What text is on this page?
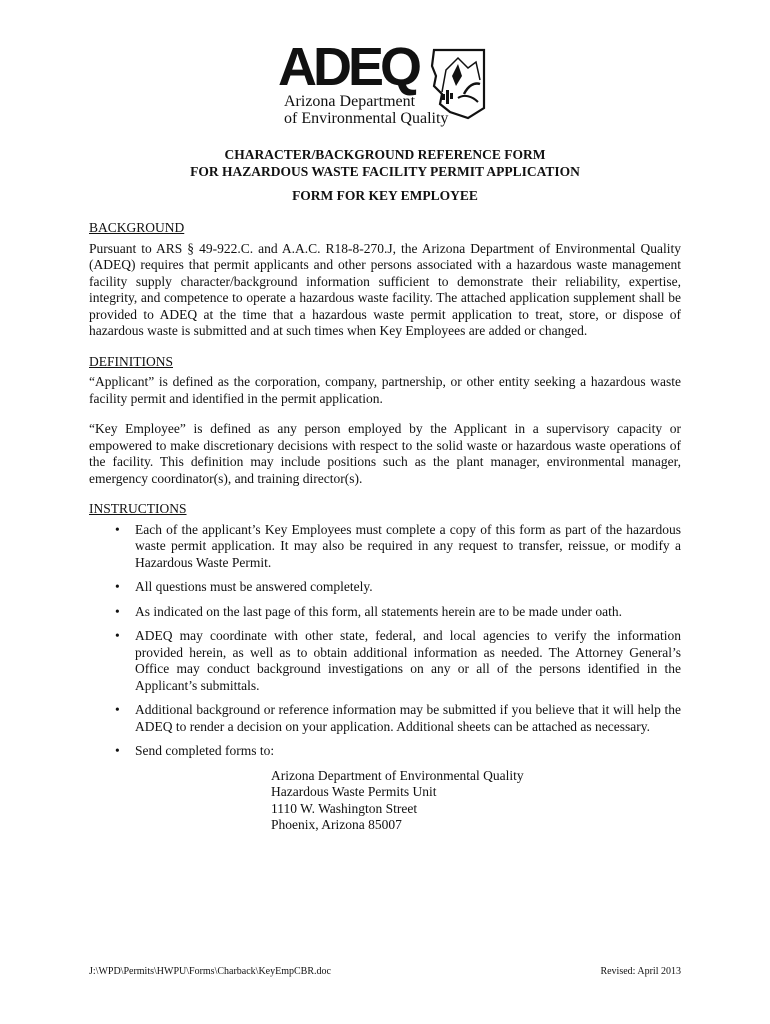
ADEQ
Arizona Department
of Environmental Quality
CHARACTER/BACKGROUND REFERENCE FORM
FOR HAZARDOUS WASTE FACILITY PERMIT APPLICATION
FORM FOR KEY EMPLOYEE
BACKGROUND

Pursuant to ARS § 49-922.C. and A.A.C. R18-8-270.J, the Arizona Department of Environmental Quality (ADEQ) requires that permit applicants and other persons associated with a hazardous waste management facility supply character/background information sufficient to demonstrate their reliability, expertise, integrity, and competence to operate a hazardous waste facility. The attached application supplement shall be provided to ADEQ at the time that a hazardous waste permit application to treat, store, or dispose of hazardous waste is submitted and at such times when Key Employees are added or changed.

DEFINITIONS

“Applicant” is defined as the corporation, company, partnership, or other entity seeking a hazardous waste facility permit and identified in the permit application.

“Key Employee” is defined as any person employed by the Applicant in a supervisory capacity or empowered to make discretionary decisions with respect to the solid waste or hazardous waste operations of the facility. This definition may include positions such as the plant manager, environmental manager, emergency coordinator(s), and training director(s).

INSTRUCTIONS
• Each of the applicant’s Key Employees must complete a copy of this form as part of the hazardous waste permit application. It may also be required in any request to transfer, reissue, or modify a Hazardous Waste Permit.
• All questions must be answered completely.
• As indicated on the last page of this form, all statements herein are to be made under oath.
• ADEQ may coordinate with other state, federal, and local agencies to verify the information provided herein, as well as to obtain additional information as needed. The Attorney General’s Office may conduct background investigations on any or all of the persons identified in the Applicant’s submittals.
• Additional background or reference information may be submitted if you believe that it will help the ADEQ to render a decision on your application. Additional sheets can be attached as necessary.
• Send completed forms to:
Arizona Department of Environmental Quality
Hazardous Waste Permits Unit
1110 W. Washington Street
Phoenix, Arizona 85007
J:\WPD\Permits\HWPU\Forms\Charback\KeyEmpCBR.doc	Revised: April 2013
